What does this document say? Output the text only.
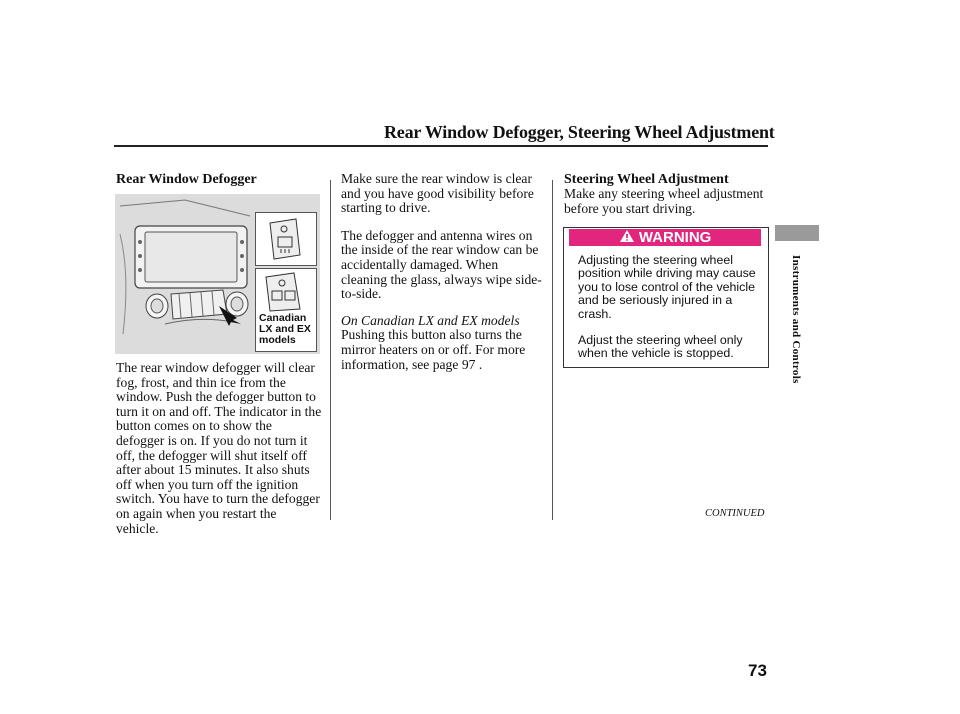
Rear Window Defogger, Steering Wheel Adjustment
Instruments and Controls
Rear Window Defogger
Canadian LX and EX models

The rear window defogger will clear fog, frost, and thin ice from the window. Push the defogger button to turn it on and off. The indicator in the button comes on to show the defogger is on. If you do not turn it off, the defogger will shut itself off after about 15 minutes. It also shuts off when you turn off the ignition switch. You have to turn the defogger on again when you restart the vehicle.

Make sure the rear window is clear and you have good visibility before starting to drive.

The defogger and antenna wires on the inside of the rear window can be accidentally damaged. When cleaning the glass, always wipe side-to-side.

On Canadian LX and EX models

Pushing this button also turns the mirror heaters on or off. For more information, see page 97 .

Steering Wheel Adjustment
Make any steering wheel adjustment before you start driving.
WARNING

Adjusting the steering wheel position while driving may cause you to lose control of the vehicle and be seriously injured in a crash.

Adjust the steering wheel only when the vehicle is stopped.

CONTINUED
73
